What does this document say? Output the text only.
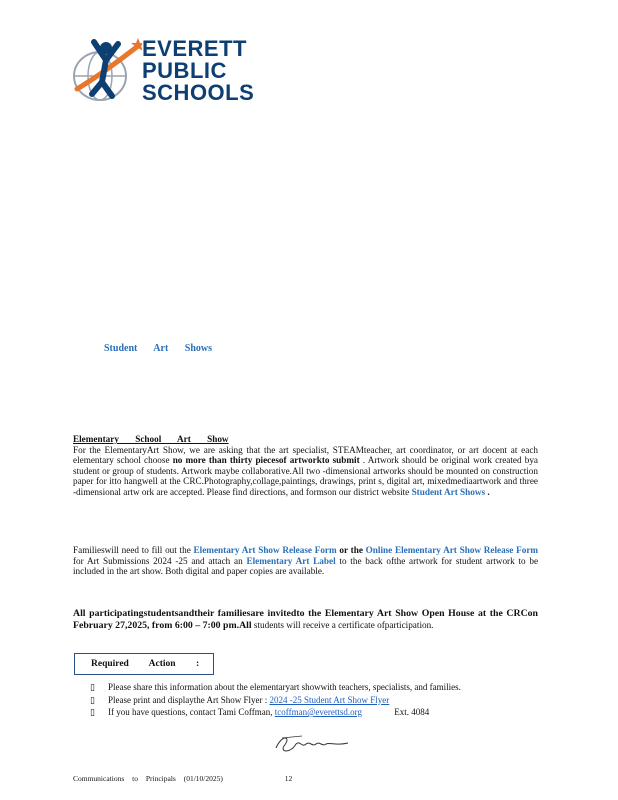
EVERETT
PUBLIC
SCHOOLS
Student Art Shows
Elementary School Art Show
For the ElementaryArt Show, we are asking that the art specialist, STEAMteacher, art coordinator, or art docent at each elementary school choose no more than thirty piecesof artworkto submit . Artwork should be original work created bya student or group of students. Artwork maybe collaborative.All two -dimensional artworks should be mounted on construction paper for itto hangwell at the CRC.Photography,collage,paintings, drawings, print s, digital art, mixedmediaartwork and three -dimensional artw ork are accepted. Please find directions, and formson our district website Student Art Shows .
Familieswill need to fill out the Elementary Art Show Release Form or the Online Elementary Art Show Release Form for Art Submissions 2024 -25 and attach an Elementary Art Label to the back ofthe artwork for student artwork to be included in the art show. Both digital and paper copies are available.
All participatingstudentsandtheir familiesare invitedto the Elementary Art Show Open House at the CRCon February 27,2025, from 6:00 – 7:00 pm.All students will receive a certificate ofparticipation.
Required Action :
▯ Please share this information about the elementaryart showwith teachers, specialists, and families.
▯ Please print and displaythe Art Show Flyer : 2024 -25 Student Art Show Flyer
▯ If you have questions, contact Tami Coffman, tcoffman@everettsd.org	Ext. 4084
Communications to Principals (01/10/2025)	12
